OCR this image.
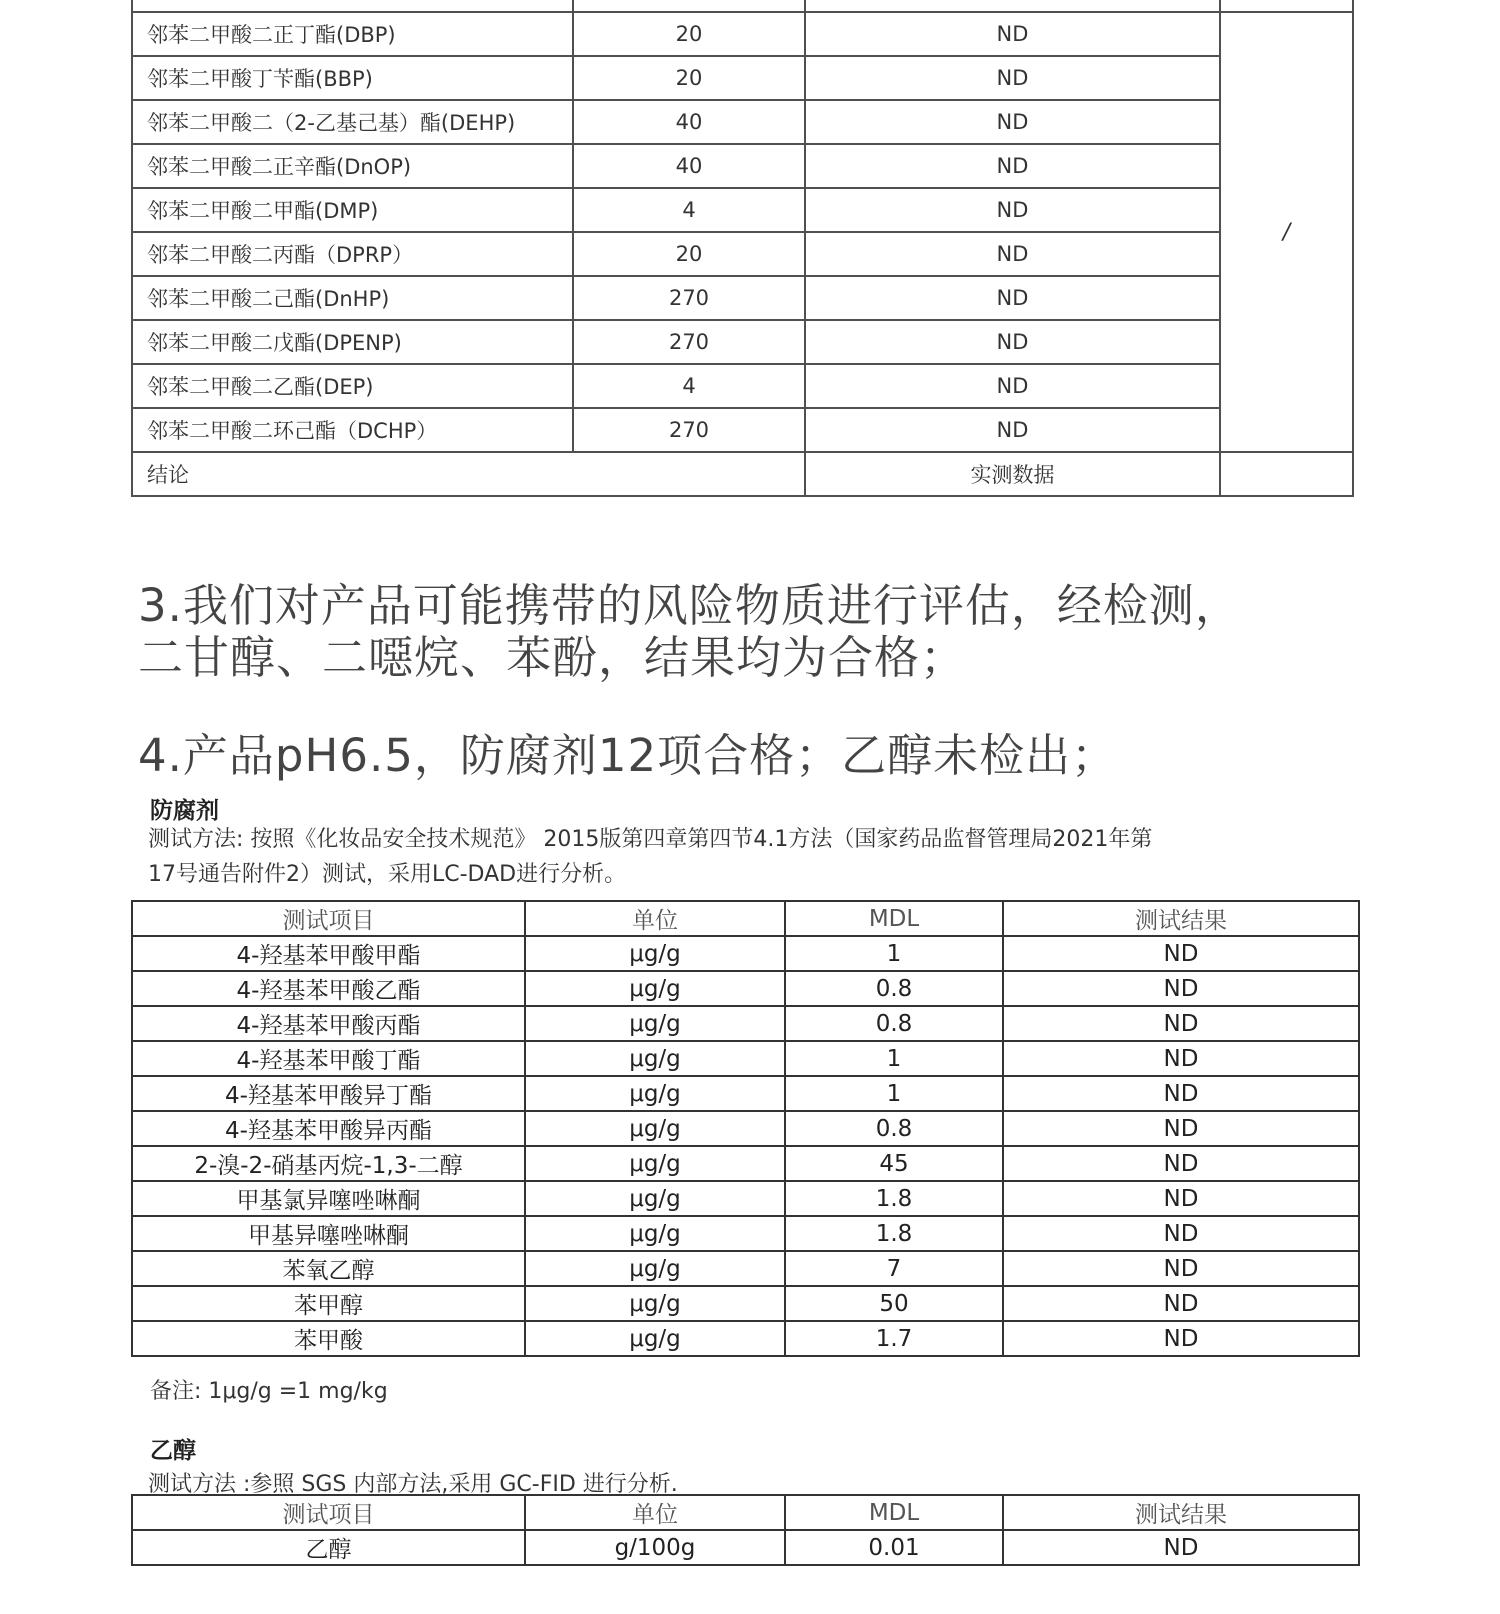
邻苯二甲酸二正丁酯(DBP)	20	ND	/
邻苯二甲酸丁苄酯(BBP)	20	ND	
邻苯二甲酸二（2-乙基己基）酯(DEHP)	40	ND	
邻苯二甲酸二正辛酯(DnOP)	40	ND	
邻苯二甲酸二甲酯(DMP)	4	ND	
邻苯二甲酸二丙酯（DPRP）	20	ND	
邻苯二甲酸二己酯(DnHP)	270	ND	
邻苯二甲酸二戊酯(DPENP)	270	ND	
邻苯二甲酸二乙酯(DEP)	4	ND	
邻苯二甲酸二环己酯（DCHP）	270	ND	
结论		实测数据	

3.我们对产品可能携带的风险物质进行评估，经检测，
二甘醇、二噁烷、苯酚，结果均为合格；

4.产品pH6.5，防腐剂12项合格；乙醇未检出；

防腐剂

测试方法: 按照《化妆品安全技术规范》 2015版第四章第四节4.1方法（国家药品监督管理局2021年第

17号通告附件2）测试，采用LC-DAD进行分析。

测试项目	单位	MDL	测试结果
4-羟基苯甲酸甲酯	μg/g	1	ND
4-羟基苯甲酸乙酯	μg/g	0.8	ND
4-羟基苯甲酸丙酯	μg/g	0.8	ND
4-羟基苯甲酸丁酯	μg/g	1	ND
4-羟基苯甲酸异丁酯	μg/g	1	ND
4-羟基苯甲酸异丙酯	μg/g	0.8	ND
2-溴-2-硝基丙烷-1,3-二醇	μg/g	45	ND
甲基氯异噻唑啉酮	μg/g	1.8	ND
甲基异噻唑啉酮	μg/g	1.8	ND
苯氧乙醇	μg/g	7	ND
苯甲醇	μg/g	50	ND
苯甲酸	μg/g	1.7	ND

备注: 1μg/g =1 mg/kg

乙醇

测试方法 :参照 SGS 内部方法,采用 GC-FID 进行分析.

测试项目	单位	MDL	测试结果
乙醇	g/100g	0.01	ND
